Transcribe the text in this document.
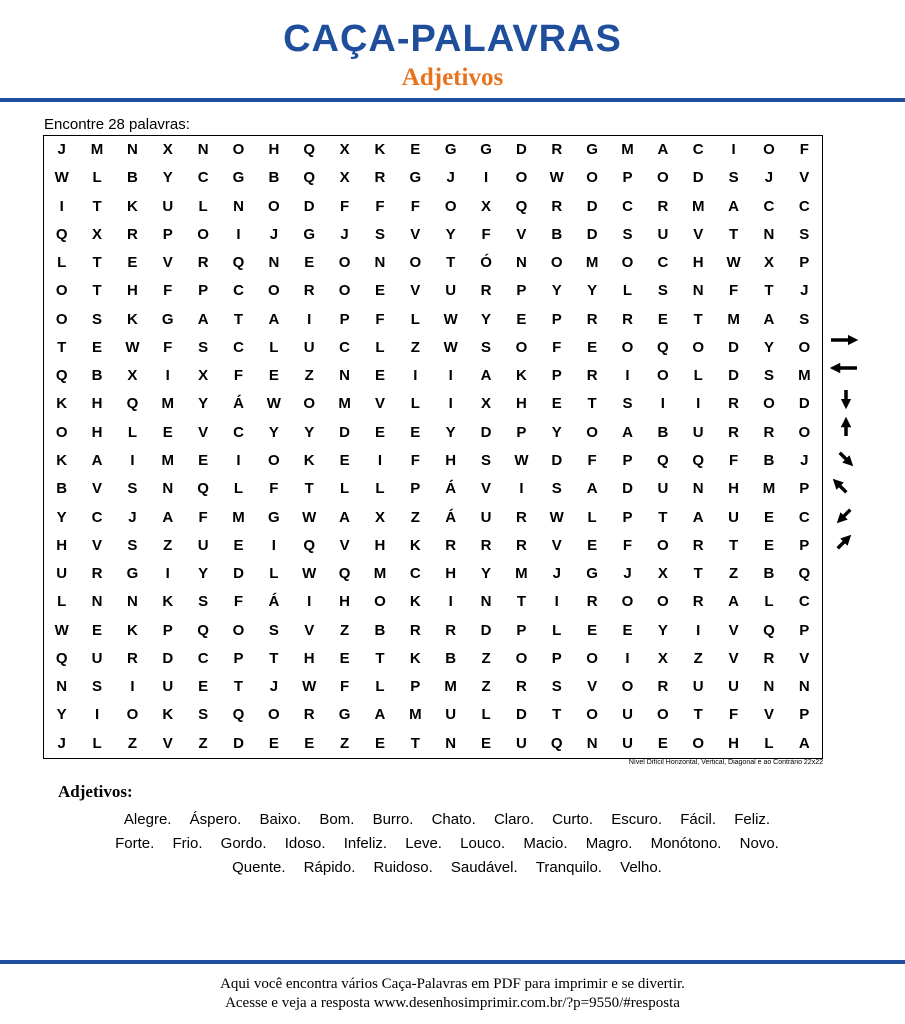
CAÇA-PALAVRAS
Adjetivos
Encontre 28 palavras:
J	M	N	X	N	O	H	Q	X	K	E	G	G	D	R	G	M	A	C	I	O	F
W	L	B	Y	C	G	B	Q	X	R	G	J	I	O	W	O	P	O	D	S	J	V
I	T	K	U	L	N	O	D	F	F	F	O	X	Q	R	D	C	R	M	A	C	C
Q	X	R	P	O	I	J	G	J	S	V	Y	F	V	B	D	S	U	V	T	N	S
L	T	E	V	R	Q	N	E	O	N	O	T	Ó	N	O	M	O	C	H	W	X	P
O	T	H	F	P	C	O	R	O	E	V	U	R	P	Y	Y	L	S	N	F	T	J
O	S	K	G	A	T	A	I	P	F	L	W	Y	E	P	R	R	E	T	M	A	S
T	E	W	F	S	C	L	U	C	L	Z	W	S	O	F	E	O	Q	O	D	Y	O
Q	B	X	I	X	F	E	Z	N	E	I	I	A	K	P	R	I	O	L	D	S	M
K	H	Q	M	Y	Á	W	O	M	V	L	I	X	H	E	T	S	I	I	R	O	D
O	H	L	E	V	C	Y	Y	D	E	E	Y	D	P	Y	O	A	B	U	R	R	O
K	A	I	M	E	I	O	K	E	I	F	H	S	W	D	F	P	Q	Q	F	B	J
B	V	S	N	Q	L	F	T	L	L	P	Á	V	I	S	A	D	U	N	H	M	P
Y	C	J	A	F	M	G	W	A	X	Z	Á	U	R	W	L	P	T	A	U	E	C
H	V	S	Z	U	E	I	Q	V	H	K	R	R	R	V	E	F	O	R	T	E	P
U	R	G	I	Y	D	L	W	Q	M	C	H	Y	M	J	G	J	X	T	Z	B	Q
L	N	N	K	S	F	Á	I	H	O	K	I	N	T	I	R	O	O	R	A	L	C
W	E	K	P	Q	O	S	V	Z	B	R	R	D	P	L	E	E	Y	I	V	Q	P
Q	U	R	D	C	P	T	H	E	T	K	B	Z	O	P	O	I	X	Z	V	R	V
N	S	I	U	E	T	J	W	F	L	P	M	Z	R	S	V	O	R	U	U	N	N
Y	I	O	K	S	Q	O	R	G	A	M	U	L	D	T	O	U	O	T	F	V	P
J	L	Z	V	Z	D	E	E	Z	E	T	N	E	U	Q	N	U	E	O	H	L	A
Nível Difícil Horizontal, Vertical, Diagonal e ao Contrário 22x22
Adjetivos:
Alegre. Áspero. Baixo. Bom. Burro. Chato. Claro. Curto. Escuro. Fácil. Feliz.
Forte. Frio. Gordo. Idoso. Infeliz. Leve. Louco. Macio. Magro. Monótono. Novo.
Quente. Rápido. Ruidoso. Saudável. Tranquilo. Velho.
Aqui você encontra vários Caça-Palavras em PDF para imprimir e se divertir.
Acesse e veja a resposta www.desenhosimprimir.com.br/?p=9550/#resposta
